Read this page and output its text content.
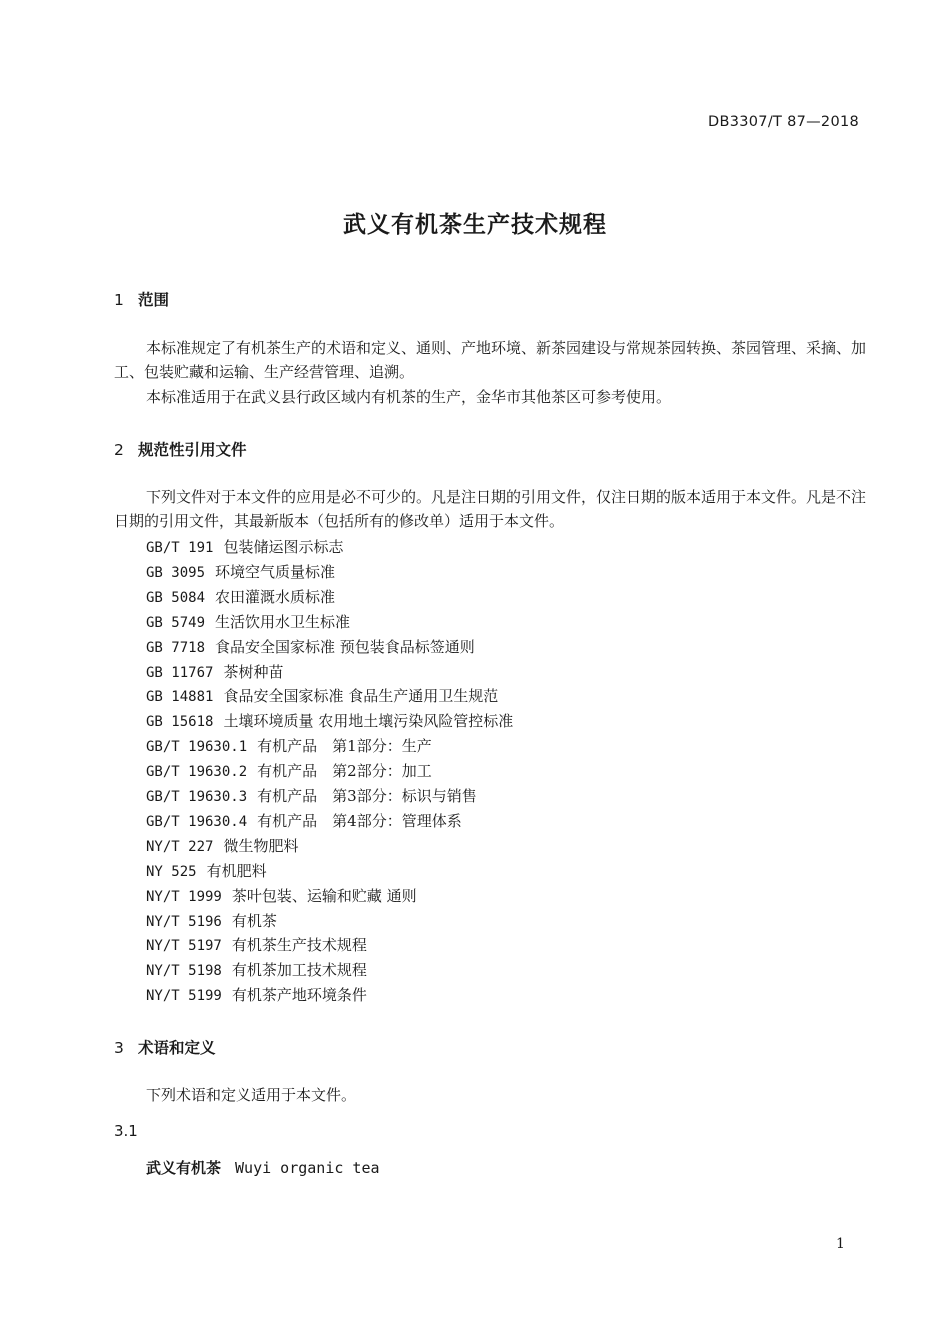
DB3307/T 87—2018
武义有机茶生产技术规程
1 范围
本标准规定了有机茶生产的术语和定义、通则、产地环境、新茶园建设与常规茶园转换、茶园管理、采摘、加工、包装贮藏和运输、生产经营管理、追溯。
本标准适用于在武义县行政区域内有机茶的生产，金华市其他茶区可参考使用。
2 规范性引用文件
下列文件对于本文件的应用是必不可少的。凡是注日期的引用文件，仅注日期的版本适用于本文件。凡是不注日期的引用文件，其最新版本（包括所有的修改单）适用于本文件。
GB/T 191 包装储运图示标志
GB 3095 环境空气质量标准
GB 5084 农田灌溉水质标准
GB 5749 生活饮用水卫生标准
GB 7718 食品安全国家标准 预包装食品标签通则
GB 11767 茶树种苗
GB 14881 食品安全国家标准 食品生产通用卫生规范
GB 15618 土壤环境质量 农用地土壤污染风险管控标准
GB/T 19630.1 有机产品　第1部分：生产
GB/T 19630.2 有机产品　第2部分：加工
GB/T 19630.3 有机产品　第3部分：标识与销售
GB/T 19630.4 有机产品　第4部分：管理体系
NY/T 227 微生物肥料
NY 525 有机肥料
NY/T 1999 茶叶包装、运输和贮藏 通则
NY/T 5196 有机茶
NY/T 5197 有机茶生产技术规程
NY/T 5198 有机茶加工技术规程
NY/T 5199 有机茶产地环境条件
3 术语和定义
下列术语和定义适用于本文件。
3.1
武义有机茶 Wuyi organic tea
1
